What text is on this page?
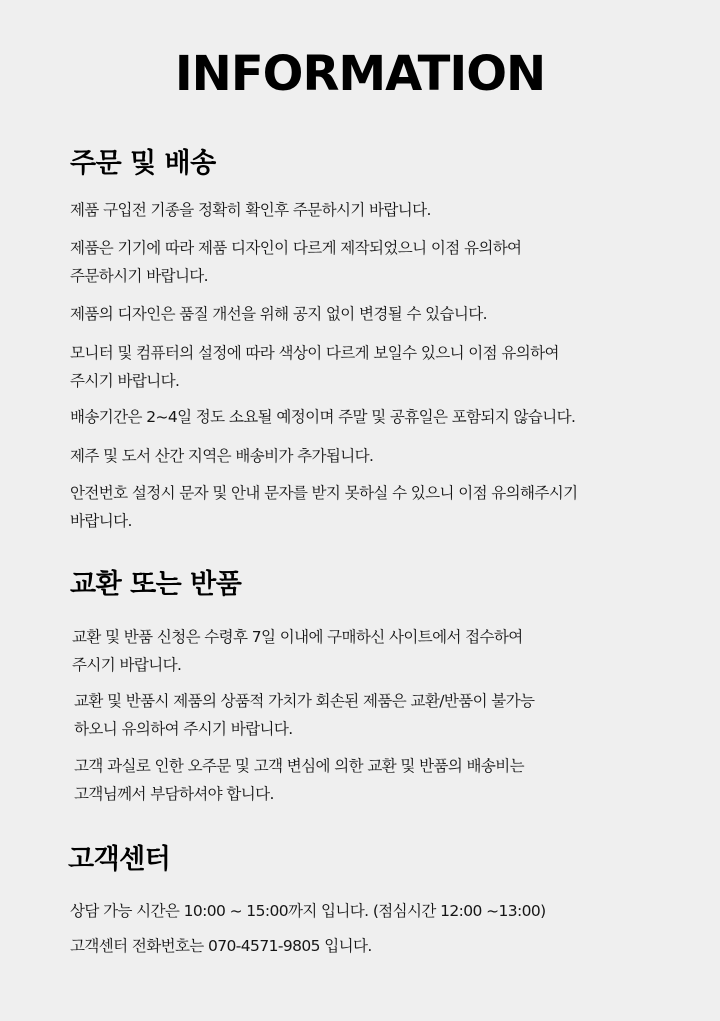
INFORMATION
주문 및 배송

제품 구입전 기종을 정확히 확인후 주문하시기 바랍니다.

제품은 기기에 따라 제품 디자인이 다르게 제작되었으니 이점 유의하여
주문하시기 바랍니다.

제품의 디자인은 품질 개선을 위해 공지 없이 변경될 수 있습니다.

모니터 및 컴퓨터의 설정에 따라 색상이 다르게 보일수 있으니 이점 유의하여
주시기 바랍니다.

배송기간은 2~4일 정도 소요될 예정이며 주말 및 공휴일은 포함되지 않습니다.

제주 및 도서 산간 지역은 배송비가 추가됩니다.

안전번호 설정시 문자 및 안내 문자를 받지 못하실 수 있으니 이점 유의해주시기
바랍니다.

교환 또는 반품

교환 및 반품 신청은 수령후 7일 이내에 구매하신 사이트에서 접수하여
주시기 바랍니다.

교환 및 반품시 제품의 상품적 가치가 회손된 제품은 교환/반품이 불가능
하오니 유의하여 주시기 바랍니다.

고객 과실로 인한 오주문 및 고객 변심에 의한 교환 및 반품의 배송비는
고객님께서 부담하셔야 합니다.

고객센터

상담 가능 시간은 10:00 ~ 15:00까지 입니다. (점심시간 12:00 ~13:00)

고객센터 전화번호는 070-4571-9805 입니다.
